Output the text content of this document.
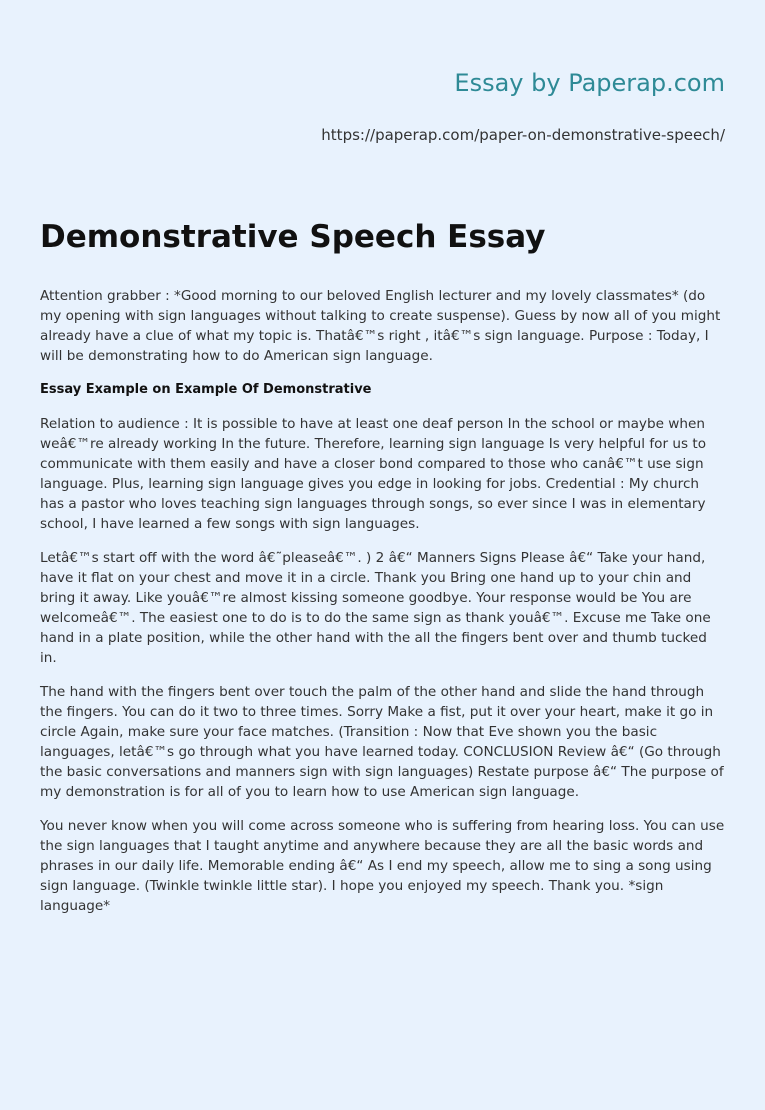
Essay by Paperap.com
https://paperap.com/paper-on-demonstrative-speech/
Demonstrative Speech Essay

Attention grabber : *Good morning to our beloved English lecturer and my lovely classmates* (do my opening with sign languages without talking to create suspense). Guess by now all of you might already have a clue of what my topic is. Thatâ€™s right , itâ€™s sign language. Purpose : Today, I will be demonstrating how to do American sign language.

Essay Example on Example Of Demonstrative

Relation to audience : It is possible to have at least one deaf person In the school or maybe when weâ€™re already working In the future. Therefore, learning sign language Is very helpful for us to communicate with them easily and have a closer bond compared to those who canâ€™t use sign language. Plus, learning sign language gives you edge in looking for jobs. Credential : My church has a pastor who loves teaching sign languages through songs, so ever since I was in elementary school, I have learned a few songs with sign languages.

Letâ€™s start off with the word â€˜pleaseâ€™. ) 2 â€“ Manners Signs Please â€“ Take your hand, have it flat on your chest and move it in a circle. Thank you Bring one hand up to your chin and bring it away. Like youâ€™re almost kissing someone goodbye. Your response would be You are welcomeâ€™. The easiest one to do is to do the same sign as thank youâ€™. Excuse me Take one hand in a plate position, while the other hand with the all the fingers bent over and thumb tucked in.

The hand with the fingers bent over touch the palm of the other hand and slide the hand through the fingers. You can do it two to three times. Sorry Make a fist, put it over your heart, make it go in circle Again, make sure your face matches. (Transition : Now that Eve shown you the basic languages, letâ€™s go through what you have learned today. CONCLUSION Review â€“ (Go through the basic conversations and manners sign with sign languages) Restate purpose â€“ The purpose of my demonstration is for all of you to learn how to use American sign language.

You never know when you will come across someone who is suffering from hearing loss. You can use the sign languages that I taught anytime and anywhere because they are all the basic words and phrases in our daily life. Memorable ending â€“ As I end my speech, allow me to sing a song using sign language. (Twinkle twinkle little star). I hope you enjoyed my speech. Thank you. *sign language*
